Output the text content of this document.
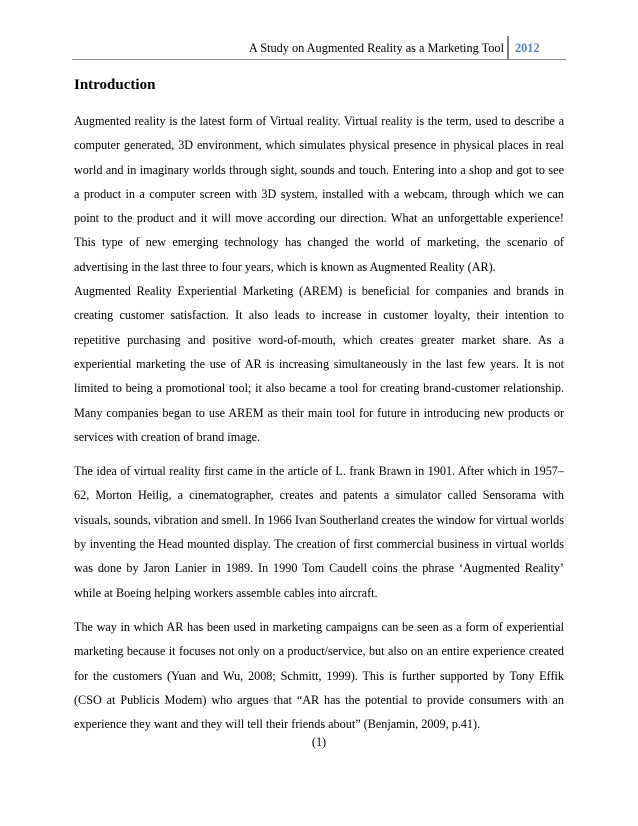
A Study on Augmented Reality as a Marketing Tool 2012
Introduction

Augmented reality is the latest form of Virtual reality. Virtual reality is the term, used to describe a computer generated, 3D environment, which simulates physical presence in physical places in real world and in imaginary worlds through sight, sounds and touch. Entering into a shop and got to see a product in a computer screen with 3D system, installed with a webcam, through which we can point to the product and it will move according our direction. What an unforgettable experience! This type of new emerging technology has changed the world of marketing, the scenario of advertising in the last three to four years, which is known as Augmented Reality (AR).

Augmented Reality Experiential Marketing (AREM) is beneficial for companies and brands in creating customer satisfaction. It also leads to increase in customer loyalty, their intention to repetitive purchasing and positive word-of-mouth, which creates greater market share. As a experiential marketing the use of AR is increasing simultaneously in the last few years. It is not limited to being a promotional tool; it also became a tool for creating brand-customer relationship. Many companies began to use AREM as their main tool for future in introducing new products or services with creation of brand image.

The idea of virtual reality first came in the article of L. frank Brawn in 1901. After which in 1957–62, Morton Heilig, a cinematographer, creates and patents a simulator called Sensorama with visuals, sounds, vibration and smell. In 1966 Ivan Southerland creates the window for virtual worlds by inventing the Head mounted display. The creation of first commercial business in virtual worlds was done by Jaron Lanier in 1989. In 1990 Tom Caudell coins the phrase ‘Augmented Reality’ while at Boeing helping workers assemble cables into aircraft.

The way in which AR has been used in marketing campaigns can be seen as a form of experiential marketing because it focuses not only on a product/service, but also on an entire experience created for the customers (Yuan and Wu, 2008; Schmitt, 1999). This is further supported by Tony Effik (CSO at Publicis Modem) who argues that “AR has the potential to provide consumers with an experience they want and they will tell their friends about” (Benjamin, 2009, p.41).

(1)
